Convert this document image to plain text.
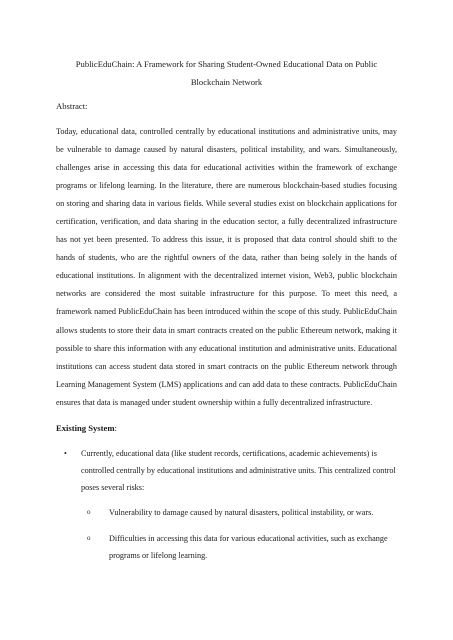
PublicEduChain: A Framework for Sharing Student-Owned Educational Data on Public Blockchain Network

Abstract:

Today, educational data, controlled centrally by educational institutions and administrative units, may be vulnerable to damage caused by natural disasters, political instability, and wars. Simultaneously, challenges arise in accessing this data for educational activities within the framework of exchange programs or lifelong learning. In the literature, there are numerous blockchain-based studies focusing on storing and sharing data in various fields. While several studies exist on blockchain applications for certification, verification, and data sharing in the education sector, a fully decentralized infrastructure has not yet been presented. To address this issue, it is proposed that data control should shift to the hands of students, who are the rightful owners of the data, rather than being solely in the hands of educational institutions. In alignment with the decentralized internet vision, Web3, public blockchain networks are considered the most suitable infrastructure for this purpose. To meet this need, a framework named PublicEduChain has been introduced within the scope of this study. PublicEduChain allows students to store their data in smart contracts created on the public Ethereum network, making it possible to share this information with any educational institution and administrative units. Educational institutions can access student data stored in smart contracts on the public Ethereum network through Learning Management System (LMS) applications and can add data to these contracts. PublicEduChain ensures that data is managed under student ownership within a fully decentralized infrastructure.

Existing System:

• Currently, educational data (like student records, certifications, academic achievements) is controlled centrally by educational institutions and administrative units. This centralized control poses several risks:
o Vulnerability to damage caused by natural disasters, political instability, or wars.
o Difficulties in accessing this data for various educational activities, such as exchange programs or lifelong learning.
